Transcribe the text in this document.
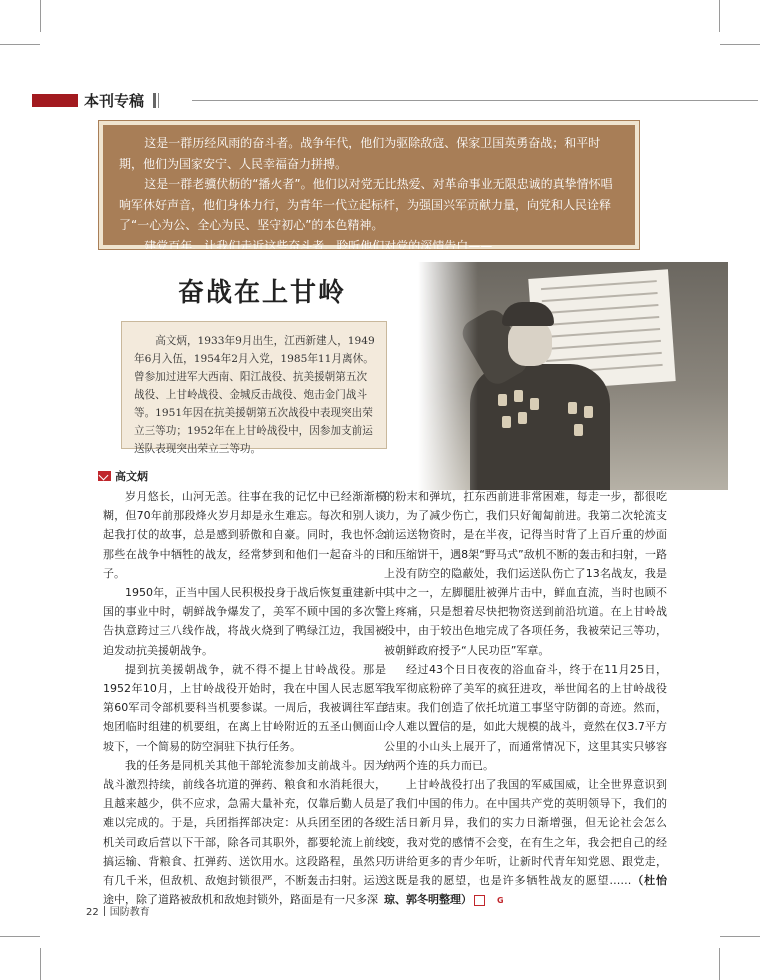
本刊专稿

这是一群历经风雨的奋斗者。战争年代，他们为驱除敌寇、保家卫国英勇奋战；和平时期，他们为国家安宁、人民幸福奋力拼搏。

这是一群老骥伏枥的“播火者”。他们以对党无比热爱、对革命事业无限忠诚的真挚情怀唱响军休好声音，他们身体力行，为青年一代立起标杆，为强国兴军贡献力量，向党和人民诠释了“一心为公、全心为民、坚守初心”的本色精神。

建党百年，让我们走近这些奋斗者，聆听他们对党的深情告白——

奋战在上甘岭

高文炳，1933年9月出生，江西新建人，1949年6月入伍，1954年2月入党，1985年11月离休。曾参加过进军大西南、阳江战役、抗美援朝第五次战役、上甘岭战役、金城反击战役、炮击金门战斗等。1951年因在抗美援朝第五次战役中表现突出荣立三等功；1952年在上甘岭战役中，因参加支前运送队表现突出荣立三等功。

高文炳

岁月悠长，山河无恙。往事在我的记忆中已经渐渐模糊，但70年前那段烽火岁月却是永生难忘。每次和别人谈起我打仗的故事，总是感到骄傲和自豪。同时，我也怀念那些在战争中牺牲的战友，经常梦到和他们一起奋斗的日子。

1950年，正当中国人民积极投身于战后恢复重建新中国的事业中时，朝鲜战争爆发了，美军不顾中国的多次警告执意跨过三八线作战，将战火烧到了鸭绿江边，我国被迫发动抗美援朝战争。

提到抗美援朝战争，就不得不提上甘岭战役。那是1952年10月，上甘岭战役开始时，我在中国人民志愿军第60军司令部机要科当机要参谋。一周后，我被调往军直炮团临时组建的机要组，在离上甘岭附近的五圣山侧面山坡下，一个简易的防空洞驻下执行任务。

我的任务是同机关其他干部轮流参加支前战斗。因为战斗激烈持续，前线各坑道的弹药、粮食和水消耗很大，且越来越少，供不应求，急需大量补充，仅靠后勤人员是难以完成的。于是，兵团指挥部决定：从兵团至团的各级机关司政后营以下干部，除各司其职外，都要轮流上前线搞运输、背粮食、扛弹药、送饮用水。这段路程，虽然只有几千米，但敌机、敌炮封锁很严，不断轰击扫射。运送途中，除了道路被敌机和敌炮封锁外，路面是有一尺多深

的粉末和弹坑，扛东西前进非常困难，每走一步，都很吃力，为了减少伤亡，我们只好匍匐前进。我第二次轮流支前运送物资时，是在半夜，记得当时背了上百斤重的炒面和压缩饼干，遇8架“野马式”敌机不断的轰击和扫射，一路上没有防空的隐蔽处，我们运送队伤亡了13名战友，我是其中之一，左脚腿肚被弹片击中，鲜血直流，当时也顾不上疼痛，只是想着尽快把物资送到前沿坑道。在上甘岭战役中，由于较出色地完成了各项任务，我被荣记三等功，被朝鲜政府授予“人民功臣”军章。

经过43个日日夜夜的浴血奋斗，终于在11月25日，我军彻底粉碎了美军的疯狂进攻，举世闻名的上甘岭战役结束。我们创造了依托坑道工事坚守防御的奇迹。然而，令人难以置信的是，如此大规模的战斗，竟然在仅3.7平方公里的小山头上展开了，而通常情况下，这里其实只够容纳两个连的兵力而已。

上甘岭战役打出了我国的军威国威，让全世界意识到了我们中国的伟力。在中国共产党的英明领导下，我们的生活日新月异，我们的实力日渐增强，但无论社会怎么变，我对党的感情不会变，在有生之年，我会把自己的经历讲给更多的青少年听，让新时代青年知党恩、跟党走，这既是我的愿望，也是许多牺牲战友的愿望……（杜怡琼、郭冬明整理）	G

22 国防教育
